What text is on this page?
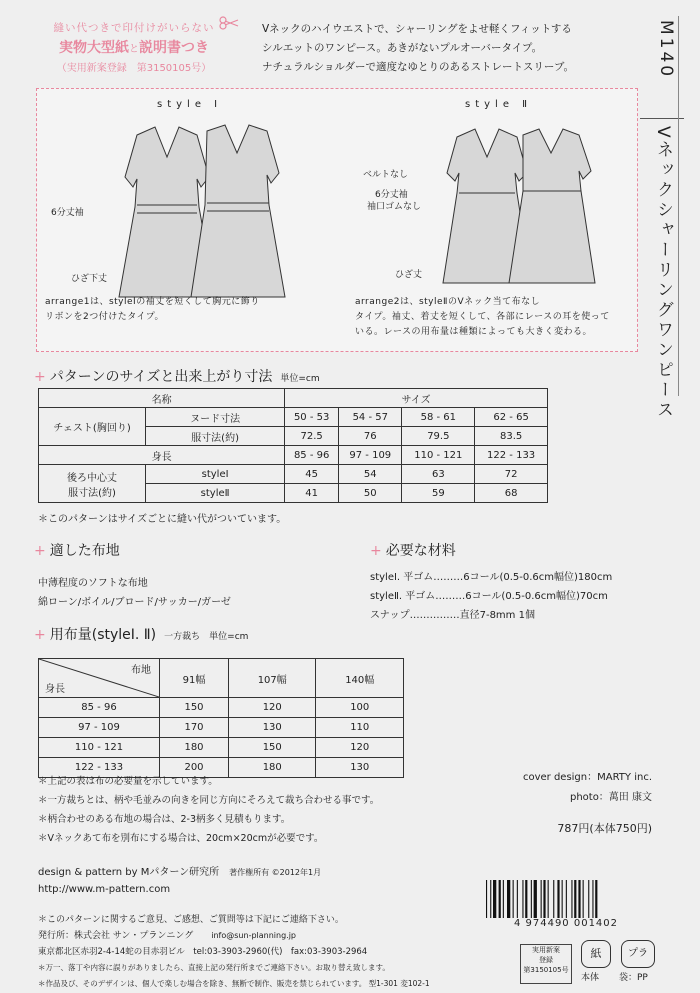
縫い代つきで印付けがいらない
実物大型紙と説明書つき
（実用新案登録　第3150105号）
Vネックのハイウエストで、シャーリングをよせ軽くフィットする
シルエットのワンピース。あきがないプルオーバータイプ。
ナチュラルショルダーで適度なゆとりのあるストレートスリーブ。	M140
Vネックシャーリングワンピース
style Ⅰ	style Ⅱ
6分丈袖
ひざ下丈
ベルトなし
6分丈袖
袖口ゴムなし
ひざ丈
arrange1は、styleⅠの袖丈を短くして胸元に飾り
リボンを2つ付けたタイプ。
arrange2は、styleⅡのVネック当て布なし
タイプ。袖丈、着丈を短くして、各部にレースの耳を使って
いる。レースの用布量は種類によっても大きく変わる。
+ パターンのサイズと出来上がり寸法 単位=cm
名称		サイズ			
チェスト(胸回り)	ヌード寸法	50 - 53	54 - 57	58 - 61	62 - 65
	服寸法(約)	72.5	76	79.5	83.5
身長		85 - 96	97 - 109	110 - 121	122 - 133

後ろ中心丈
服寸法(約)	styleⅠ	45	54	63	72
	styleⅡ	41	50	59	68
＊このパターンはサイズごとに縫い代がついています。
+ 適した布地
中薄程度のソフトな布地
綿ローン/ボイル/ブロード/サッカー/ガーゼ
+ 必要な材料
styleⅠ. 平ゴム………6コール(0.5-0.6cm幅位)180cm
styleⅡ. 平ゴム………6コール(0.5-0.6cm幅位)70cm
スナップ……………直径7-8mm 1個
+ 用布量(styleⅠ. Ⅱ) 一方裁ち　単位=cm
布地
身長	91幅	107幅	140幅
85 - 96	150	120	100
97 - 109	170	130	110
110 - 121	180	150	120
122 - 133	200	180	130
＊上記の表は布の必要量を示しています。
＊一方裁ちとは、柄や毛並みの向きを同じ方向にそろえて裁ち合わせる事です。
＊柄合わせのある布地の場合は、2-3柄多く見積もります。
＊Vネックあて布を別布にする場合は、20cm×20cmが必要です。
cover design：MARTY inc.
photo：萬田 康文
787円(本体750円)
design & pattern by Mパターン研究所　 著作権所有 ©2012年1月
http://www.m-pattern.com
＊このパターンに関するご意見、ご感想、ご質問等は下記にご連絡下さい。
発行所：株式会社 サン・プランニング　　 info@sun-planning.jp
東京都北区赤羽2-4-14蛇の目赤羽ビル　tel:03-3903-2960(代)　fax:03-3903-2964
＊万一、落丁や内容に誤りがありましたら、直接上記の発行所までご連絡下さい。お取り替え致します。
＊作品及び、そのデザインは、個人で楽しむ場合を除き、無断で制作、販売を禁じられています。 型1-301 変102-1
4 974490 001402
実用新案
登録
第3150105号
紙	プラ
本体 袋：PP
